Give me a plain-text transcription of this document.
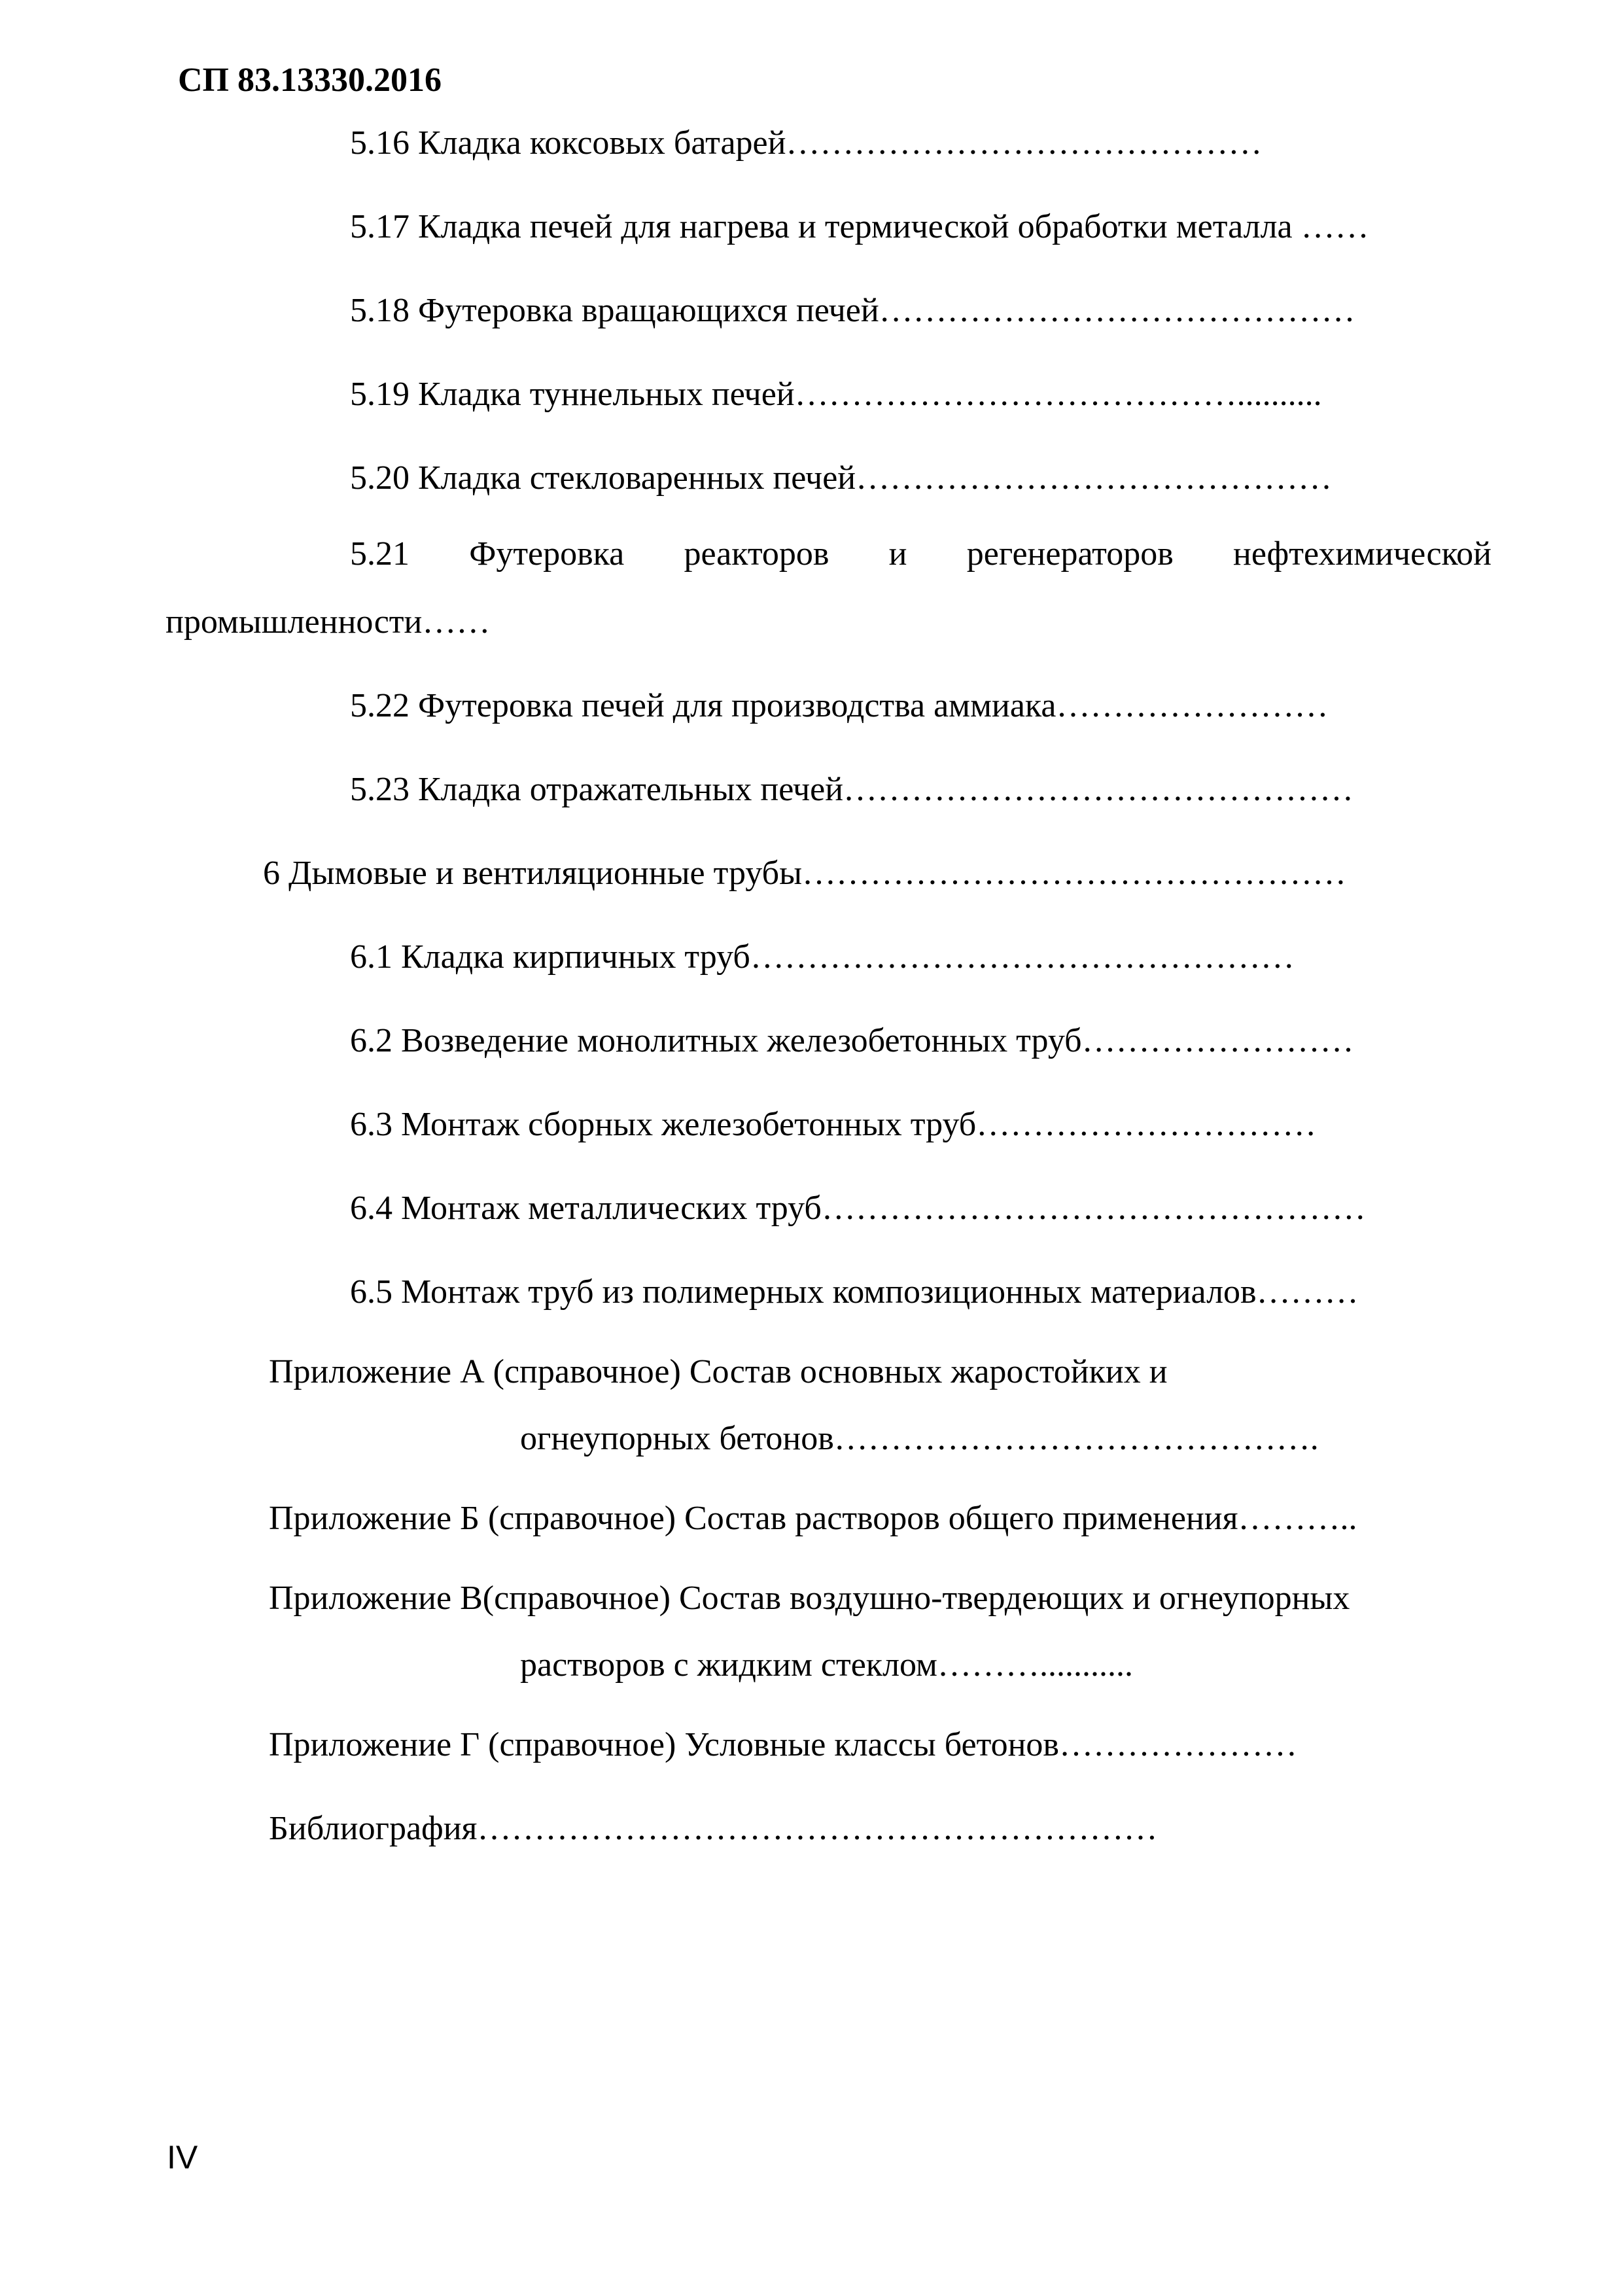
СП 83.13330.2016
5.16 Кладка коксовых батарей……………………………………
5.17 Кладка печей для нагрева и термической обработки металла ……
5.18 Футеровка вращающихся печей……………………………………
5.19 Кладка туннельных печей…………………………………..........
5.20 Кладка стекловаренных печей……………………………………
5.21 Футеровка реакторов и регенераторов нефтехимической
промышленности……
5.22 Футеровка печей для производства аммиака……………………
5.23 Кладка отражательных печей………………………………………
6 Дымовые и вентиляционные трубы…………………………………………
6.1 Кладка кирпичных труб…………………………………………
6.2 Возведение монолитных железобетонных труб……………………
6.3 Монтаж сборных железобетонных труб…………………………
6.4 Монтаж металлических труб…………………………………………
6.5 Монтаж труб из полимерных композиционных материалов………
Приложение А (справочное) Состав основных жаростойких и
огнеупорных бетонов…………………………………….
Приложение Б (справочное) Состав растворов общего применения………..
Приложение В(справочное) Состав воздушно-твердеющих и огнеупорных
растворов с жидким стеклом………...........
Приложение Г (справочное) Условные классы бетонов…………………
Библиография……………………………………………………
IV
